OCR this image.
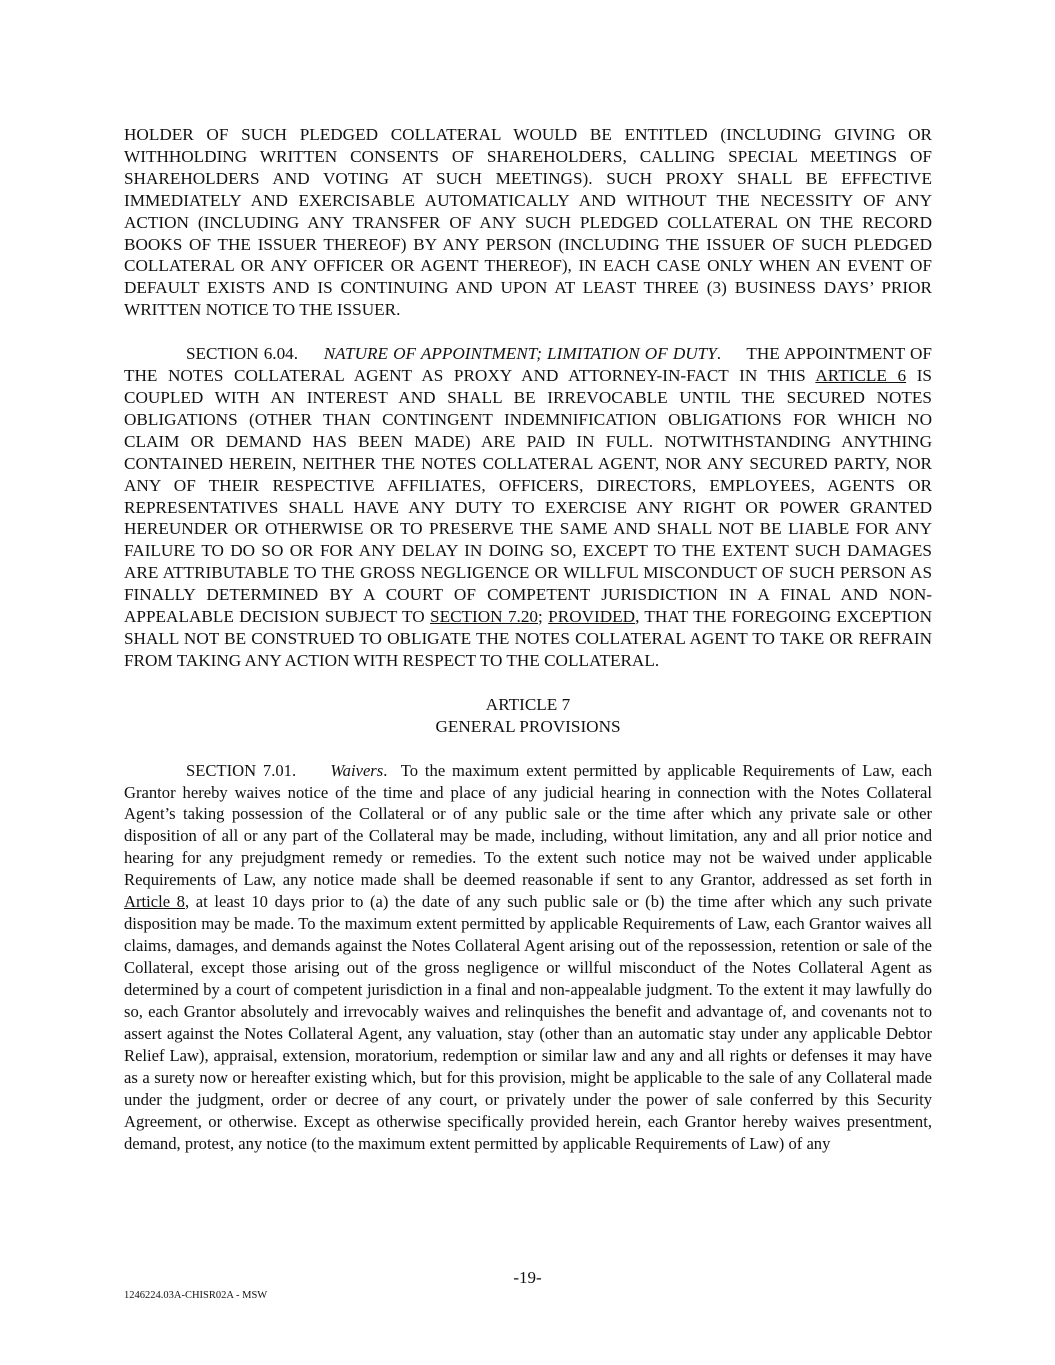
HOLDER OF SUCH PLEDGED COLLATERAL WOULD BE ENTITLED (INCLUDING GIVING OR WITHHOLDING WRITTEN CONSENTS OF SHAREHOLDERS, CALLING SPECIAL MEETINGS OF SHAREHOLDERS AND VOTING AT SUCH MEETINGS). SUCH PROXY SHALL BE EFFECTIVE IMMEDIATELY AND EXERCISABLE AUTOMATICALLY AND WITHOUT THE NECESSITY OF ANY ACTION (INCLUDING ANY TRANSFER OF ANY SUCH PLEDGED COLLATERAL ON THE RECORD BOOKS OF THE ISSUER THEREOF) BY ANY PERSON (INCLUDING THE ISSUER OF SUCH PLEDGED COLLATERAL OR ANY OFFICER OR AGENT THEREOF), IN EACH CASE ONLY WHEN AN EVENT OF DEFAULT EXISTS AND IS CONTINUING AND UPON AT LEAST THREE (3) BUSINESS DAYS’ PRIOR WRITTEN NOTICE TO THE ISSUER.

SECTION 6.04. NATURE OF APPOINTMENT; LIMITATION OF DUTY.     THE APPOINTMENT OF THE NOTES COLLATERAL AGENT AS PROXY AND ATTORNEY-IN-FACT IN THIS ARTICLE 6 IS COUPLED WITH AN INTEREST AND SHALL BE IRREVOCABLE UNTIL THE SECURED NOTES OBLIGATIONS (OTHER THAN CONTINGENT INDEMNIFICATION OBLIGATIONS FOR WHICH NO CLAIM OR DEMAND HAS BEEN MADE) ARE PAID IN FULL. NOTWITHSTANDING ANYTHING CONTAINED HEREIN, NEITHER THE NOTES COLLATERAL AGENT, NOR ANY SECURED PARTY, NOR ANY OF THEIR RESPECTIVE AFFILIATES, OFFICERS, DIRECTORS, EMPLOYEES, AGENTS OR REPRESENTATIVES SHALL HAVE ANY DUTY TO EXERCISE ANY RIGHT OR POWER GRANTED HEREUNDER OR OTHERWISE OR TO PRESERVE THE SAME AND SHALL NOT BE LIABLE FOR ANY FAILURE TO DO SO OR FOR ANY DELAY IN DOING SO, EXCEPT TO THE EXTENT SUCH DAMAGES ARE ATTRIBUTABLE TO THE GROSS NEGLIGENCE OR WILLFUL MISCONDUCT OF SUCH PERSON AS FINALLY DETERMINED BY A COURT OF COMPETENT JURISDICTION IN A FINAL AND NON-APPEALABLE DECISION SUBJECT TO SECTION 7.20; PROVIDED, THAT THE FOREGOING EXCEPTION SHALL NOT BE CONSTRUED TO OBLIGATE THE NOTES COLLATERAL AGENT TO TAKE OR REFRAIN FROM TAKING ANY ACTION WITH RESPECT TO THE COLLATERAL.

ARTICLE 7

GENERAL PROVISIONS

SECTION 7.01. Waivers.  To the maximum extent permitted by applicable Requirements of Law, each Grantor hereby waives notice of the time and place of any judicial hearing in connection with the Notes Collateral Agent’s taking possession of the Collateral or of any public sale or the time after which any private sale or other disposition of all or any part of the Collateral may be made, including, without limitation, any and all prior notice and hearing for any prejudgment remedy or remedies. To the extent such notice may not be waived under applicable Requirements of Law, any notice made shall be deemed reasonable if sent to any Grantor, addressed as set forth in Article 8, at least 10 days prior to (a) the date of any such public sale or (b) the time after which any such private disposition may be made. To the maximum extent permitted by applicable Requirements of Law, each Grantor waives all claims, damages, and demands against the Notes Collateral Agent arising out of the repossession, retention or sale of the Collateral, except those arising out of the gross negligence or willful misconduct of the Notes Collateral Agent as determined by a court of competent jurisdiction in a final and non-appealable judgment. To the extent it may lawfully do so, each Grantor absolutely and irrevocably waives and relinquishes the benefit and advantage of, and covenants not to assert against the Notes Collateral Agent, any valuation, stay (other than an automatic stay under any applicable Debtor Relief Law), appraisal, extension, moratorium, redemption or similar law and any and all rights or defenses it may have as a surety now or hereafter existing which, but for this provision, might be applicable to the sale of any Collateral made under the judgment, order or decree of any court, or privately under the power of sale conferred by this Security Agreement, or otherwise. Except as otherwise specifically provided herein, each Grantor hereby waives presentment, demand, protest, any notice (to the maximum extent permitted by applicable Requirements of Law) of any

-19-
1246224.03A-CHISR02A - MSW
